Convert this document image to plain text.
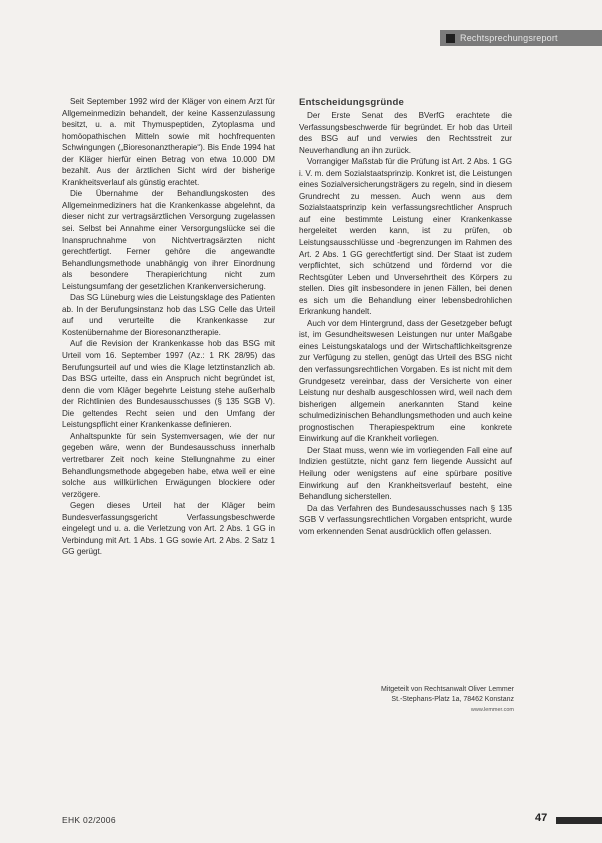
Rechtsprechungsreport

Seit September 1992 wird der Kläger von einem Arzt für Allgemeinmedizin behandelt, der keine Kassenzulassung besitzt, u. a. mit Thymuspeptiden, Zytoplasma und homöopathischen Mitteln sowie mit hochfrequenten Schwingungen („Bioresonanztherapie“). Bis Ende 1994 hat der Kläger hierfür einen Betrag von etwa 10.000 DM bezahlt. Aus der ärztlichen Sicht wird der bisherige Krankheitsverlauf als günstig erachtet.

Die Übernahme der Behandlungskosten des Allgemeinmediziners hat die Krankenkasse abgelehnt, da dieser nicht zur vertragsärztlichen Versorgung zugelassen sei. Selbst bei Annahme einer Versorgungslücke sei die Inanspruchnahme von Nichtvertragsärzten nicht gerechtfertigt. Ferner gehöre die angewandte Behandlungsmethode unabhängig von ihrer Einordnung als besondere Therapierichtung nicht zum Leistungsumfang der gesetzlichen Krankenversicherung.

Das SG Lüneburg wies die Leistungsklage des Patienten ab. In der Berufungsinstanz hob das LSG Celle das Urteil auf und verurteilte die Krankenkasse zur Kostenübernahme der Bioresonanztherapie.

Auf die Revision der Krankenkasse hob das BSG mit Urteil vom 16. September 1997 (Az.: 1 RK 28/95) das Berufungsurteil auf und wies die Klage letztinstanzlich ab. Das BSG urteilte, dass ein Anspruch nicht begründet ist, denn die vom Kläger begehrte Leistung stehe außerhalb der Richtlinien des Bundesausschusses (§ 135 SGB V). Die geltendes Recht seien und den Umfang der Leistungspflicht einer Krankenkasse definieren.

Anhaltspunkte für sein Systemversagen, wie der nur gegeben wäre, wenn der Bundesausschuss innerhalb vertretbarer Zeit noch keine Stellungnahme zu einer Behandlungsmethode abgegeben habe, etwa weil er eine solche aus willkürlichen Erwägungen blockiere oder verzögere.

Gegen dieses Urteil hat der Kläger beim Bundesverfassungsgericht Verfassungsbeschwerde eingelegt und u. a. die Verletzung von Art. 2 Abs. 1 GG in Verbindung mit Art. 1 Abs. 1 GG sowie Art. 2 Abs. 2 Satz 1 GG gerügt.

Entscheidungsgründe

Der Erste Senat des BVerfG erachtete die Verfassungsbeschwerde für begründet. Er hob das Urteil des BSG auf und verwies den Rechtsstreit zur Neuverhandlung an ihn zurück.

Vorrangiger Maßstab für die Prüfung ist Art. 2 Abs. 1 GG i. V. m. dem Sozialstaatsprinzip. Konkret ist, die Leistungen eines Sozialversicherungsträgers zu regeln, sind in diesem Grundrecht zu messen. Auch wenn aus dem Sozialstaatsprinzip kein verfassungsrechtlicher Anspruch auf eine bestimmte Leistung einer Krankenkasse hergeleitet werden kann, ist zu prüfen, ob Leistungsausschlüsse und -begrenzungen im Rahmen des Art. 2 Abs. 1 GG gerechtfertigt sind. Der Staat ist zudem verpflichtet, sich schützend und fördernd vor die Rechtsgüter Leben und Unversehrtheit des Körpers zu stellen. Dies gilt insbesondere in jenen Fällen, bei denen es sich um die Behandlung einer lebensbedrohlichen Erkrankung handelt.

Auch vor dem Hintergrund, dass der Gesetzgeber befugt ist, im Gesundheitswesen Leistungen nur unter Maßgabe eines Leistungskatalogs und der Wirtschaftlichkeitsgrenze zur Verfügung zu stellen, genügt das Urteil des BSG nicht den verfassungsrechtlichen Vorgaben. Es ist nicht mit dem Grundgesetz vereinbar, dass der Versicherte von einer Leistung nur deshalb ausgeschlossen wird, weil nach dem bisherigen allgemein anerkannten Stand keine schulmedizinischen Behandlungsmethoden und auch keine prognostischen Therapiespektrum eine konkrete Einwirkung auf die Krankheit vorliegen.

Der Staat muss, wenn wie im vorliegenden Fall eine auf Indizien gestützte, nicht ganz fern liegende Aussicht auf Heilung oder wenigstens auf eine spürbare positive Einwirkung auf den Krankheitsverlauf besteht, eine Behandlung sicherstellen.

Da das Verfahren des Bundesausschusses nach § 135 SGB V verfassungsrechtlichen Vorgaben entspricht, wurde vom erkennenden Senat ausdrücklich offen gelassen.

Mitgeteilt von Rechtsanwalt Oliver Lemmer
St.-Stephans-Platz 1a, 78462 Konstanz
www.lemmer.com
EHK 02/2006	47
